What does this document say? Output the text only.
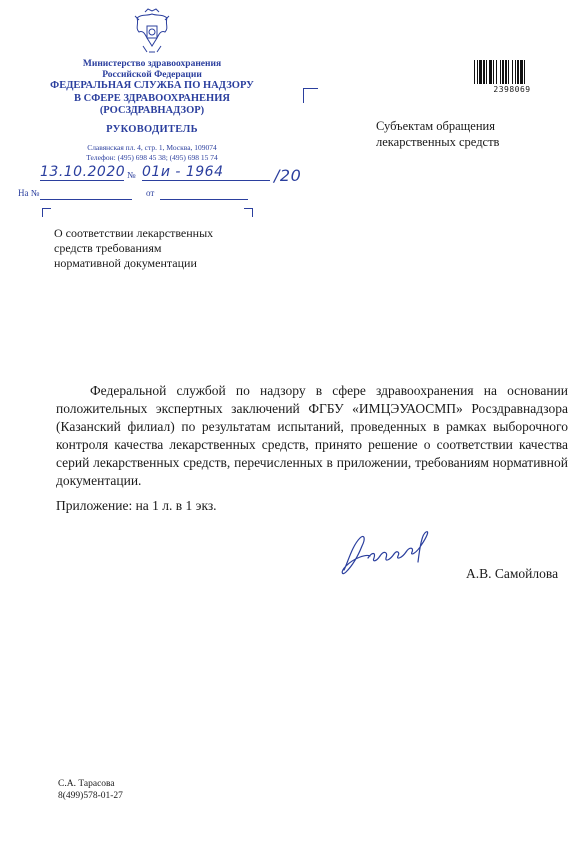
Министерство здравоохранения
Российской Федерации
ФЕДЕРАЛЬНАЯ СЛУЖБА ПО НАДЗОРУ
В СФЕРЕ ЗДРАВООХРАНЕНИЯ
(РОСЗДРАВНАДЗОР)
РУКОВОДИТЕЛЬ
Славянская пл. 4, стр. 1, Москва, 109074
Телефон: (495) 698 45 38; (495) 698 15 74
13.10.2020 № 01и - 1964	/20
На №	от
2398069
Субъектам обращения
лекарственных средств
О соответствии лекарственных
средств требованиям
нормативной документации
Федеральной службой по надзору в сфере здравоохранения на основании положительных экспертных заключений ФГБУ «ИМЦЭУАОСМП» Росздравнадзора (Казанский филиал) по результатам испытаний, проведенных в рамках выборочного контроля качества лекарственных средств, принято решение о соответствии качества серий лекарственных средств, перечисленных в приложении, требованиям нормативной документации.
Приложение: на 1 л. в 1 экз.
А.В. Самойлова
С.А. Тарасова
8(499)578-01-27
